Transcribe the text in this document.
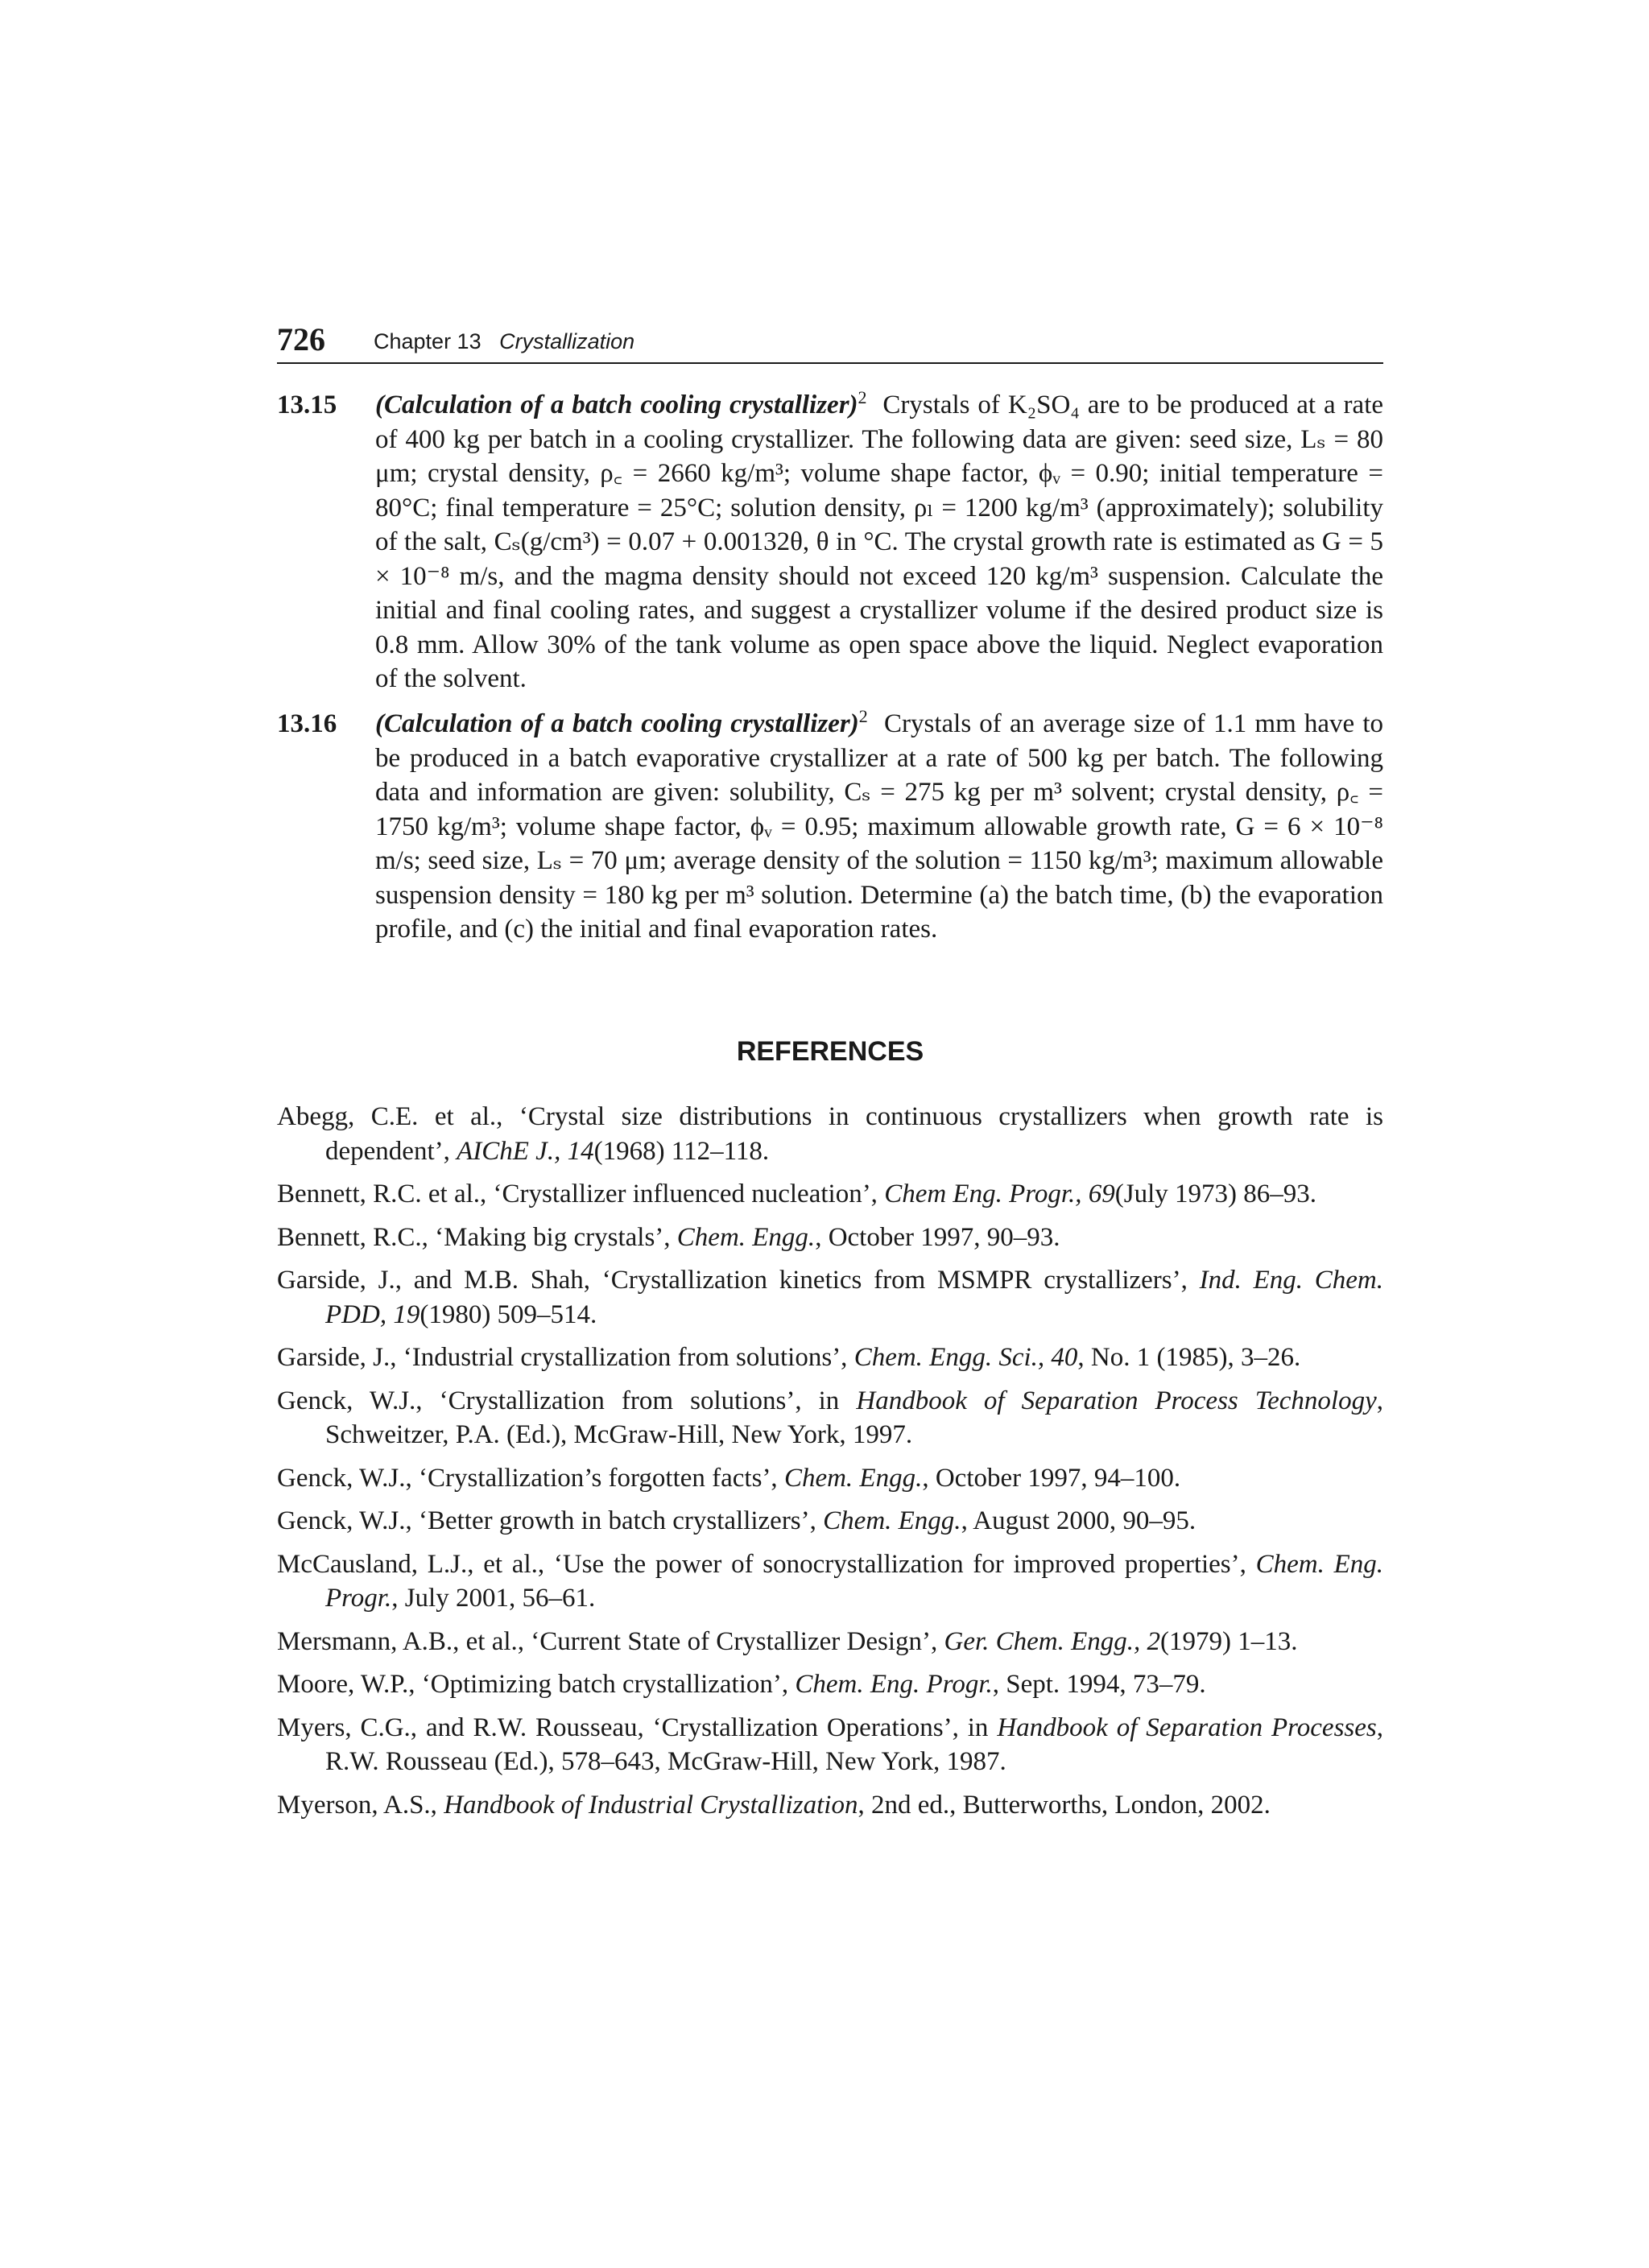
726 Chapter 13 Crystallization
13.15 (Calculation of a batch cooling crystallizer)$^2$ Crystals of K₂SO₄ are to be produced at a rate of 400 kg per batch in a cooling crystallizer. The following data are given: seed size, Lₛ = 80 μm; crystal density, ρ꜀ = 2660 kg/m³; volume shape factor, ϕᵥ = 0.90; initial temperature = 80°C; final temperature = 25°C; solution density, ρₗ = 1200 kg/m³ (approximately); solubility of the salt, Cₛ(g/cm³) = 0.07 + 0.00132θ, θ in °C. The crystal growth rate is estimated as G = 5 × 10⁻⁸ m/s, and the magma density should not exceed 120 kg/m³ suspension. Calculate the initial and final cooling rates, and suggest a crystallizer volume if the desired product size is 0.8 mm. Allow 30% of the tank volume as open space above the liquid. Neglect evaporation of the solvent.
13.16 (Calculation of a batch cooling crystallizer)$^2$ Crystals of an average size of 1.1 mm have to be produced in a batch evaporative crystallizer at a rate of 500 kg per batch. The following data and information are given: solubility, Cₛ = 275 kg per m³ solvent; crystal density, ρ꜀ = 1750 kg/m³; volume shape factor, ϕᵥ = 0.95; maximum allowable growth rate, G = 6 × 10⁻⁸ m/s; seed size, Lₛ = 70 μm; average density of the solution = 1150 kg/m³; maximum allowable suspension density = 180 kg per m³ solution. Determine (a) the batch time, (b) the evaporation profile, and (c) the initial and final evaporation rates.
REFERENCES
Abegg, C.E. et al., ‘Crystal size distributions in continuous crystallizers when growth rate is dependent’, AIChE J., 14(1968) 112–118.
Bennett, R.C. et al., ‘Crystallizer influenced nucleation’, Chem Eng. Progr., 69(July 1973) 86–93.
Bennett, R.C., ‘Making big crystals’, Chem. Engg., October 1997, 90–93.
Garside, J., and M.B. Shah, ‘Crystallization kinetics from MSMPR crystallizers’, Ind. Eng. Chem. PDD, 19(1980) 509–514.
Garside, J., ‘Industrial crystallization from solutions’, Chem. Engg. Sci., 40, No. 1 (1985), 3–26.
Genck, W.J., ‘Crystallization from solutions’, in Handbook of Separation Process Technology, Schweitzer, P.A. (Ed.), McGraw-Hill, New York, 1997.
Genck, W.J., ‘Crystallization’s forgotten facts’, Chem. Engg., October 1997, 94–100.
Genck, W.J., ‘Better growth in batch crystallizers’, Chem. Engg., August 2000, 90–95.
McCausland, L.J., et al., ‘Use the power of sonocrystallization for improved properties’, Chem. Eng. Progr., July 2001, 56–61.
Mersmann, A.B., et al., ‘Current State of Crystallizer Design’, Ger. Chem. Engg., 2(1979) 1–13.
Moore, W.P., ‘Optimizing batch crystallization’, Chem. Eng. Progr., Sept. 1994, 73–79.
Myers, C.G., and R.W. Rousseau, ‘Crystallization Operations’, in Handbook of Separation Processes, R.W. Rousseau (Ed.), 578–643, McGraw-Hill, New York, 1987.
Myerson, A.S., Handbook of Industrial Crystallization, 2nd ed., Butterworths, London, 2002.
